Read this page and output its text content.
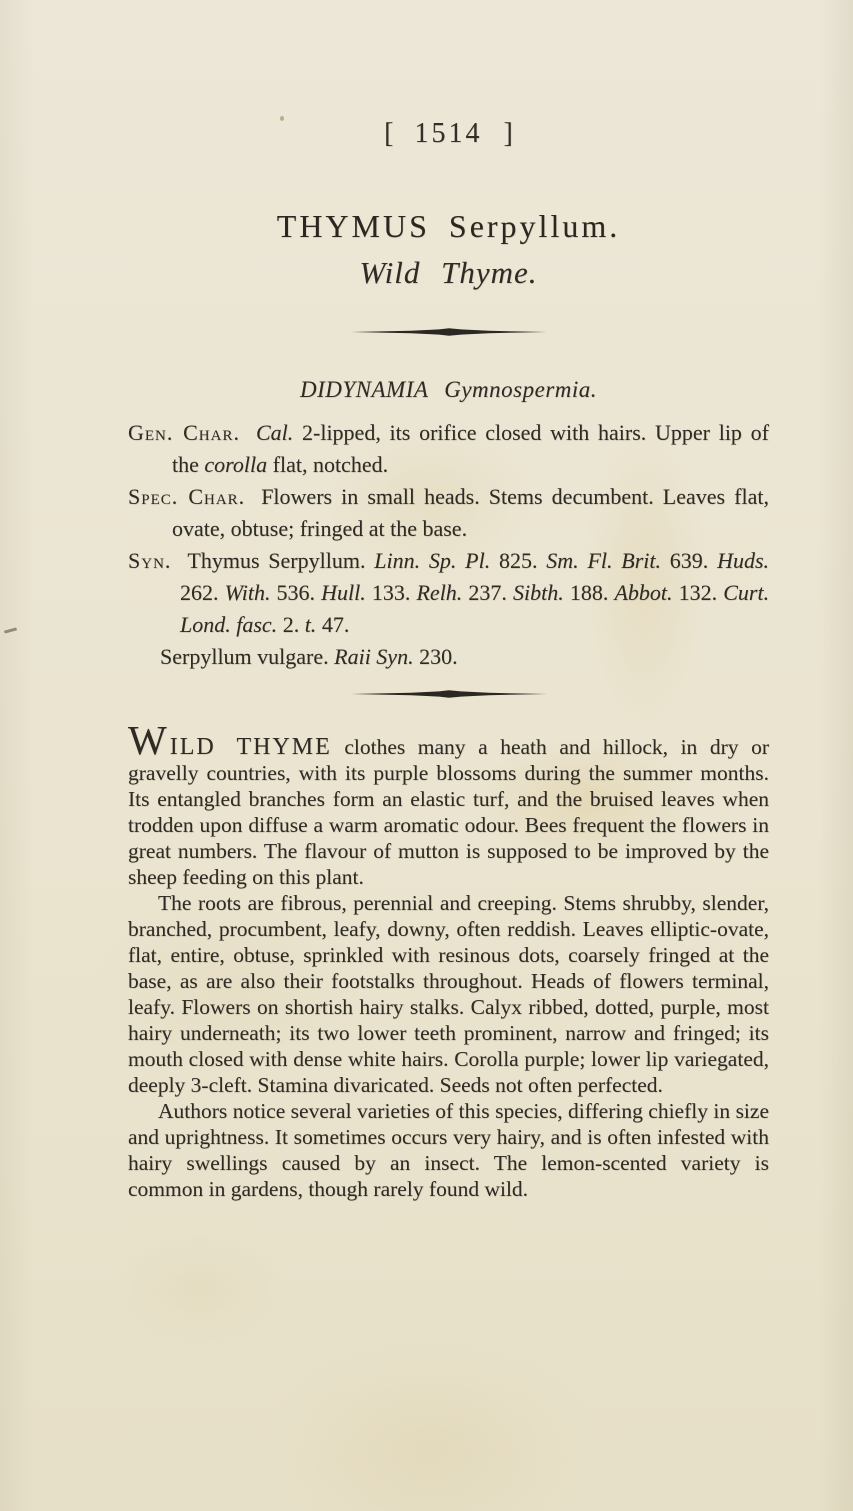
[ 1514 ]
THYMUS Serpyllum.
Wild Thyme.
DIDYNAMIA Gymnospermia.

Gen. Char. Cal. 2-lipped, its orifice closed with hairs. Upper lip of the corolla flat, notched.

Spec. Char. Flowers in small heads. Stems decumbent. Leaves flat, ovate, obtuse; fringed at the base.

Syn. Thymus Serpyllum. Linn. Sp. Pl. 825. Sm. Fl. Brit. 639. Huds. 262. With. 536. Hull. 133. Relh. 237. Sibth. 188. Abbot. 132. Curt. Lond. fasc. 2. t. 47.

Serpyllum vulgare. Raii Syn. 230.

WILD THYME clothes many a heath and hillock, in dry or gravelly countries, with its purple blossoms during the summer months. Its entangled branches form an elastic turf, and the bruised leaves when trodden upon diffuse a warm aromatic odour. Bees frequent the flowers in great numbers. The flavour of mutton is supposed to be improved by the sheep feeding on this plant.

The roots are fibrous, perennial and creeping. Stems shrubby, slender, branched, procumbent, leafy, downy, often reddish. Leaves elliptic-ovate, flat, entire, obtuse, sprinkled with resinous dots, coarsely fringed at the base, as are also their footstalks throughout. Heads of flowers terminal, leafy. Flowers on shortish hairy stalks. Calyx ribbed, dotted, purple, most hairy underneath; its two lower teeth prominent, narrow and fringed; its mouth closed with dense white hairs. Corolla purple; lower lip variegated, deeply 3-cleft. Stamina divaricated. Seeds not often perfected.

Authors notice several varieties of this species, differing chiefly in size and uprightness. It sometimes occurs very hairy, and is often infested with hairy swellings caused by an insect. The lemon-scented variety is common in gardens, though rarely found wild.
